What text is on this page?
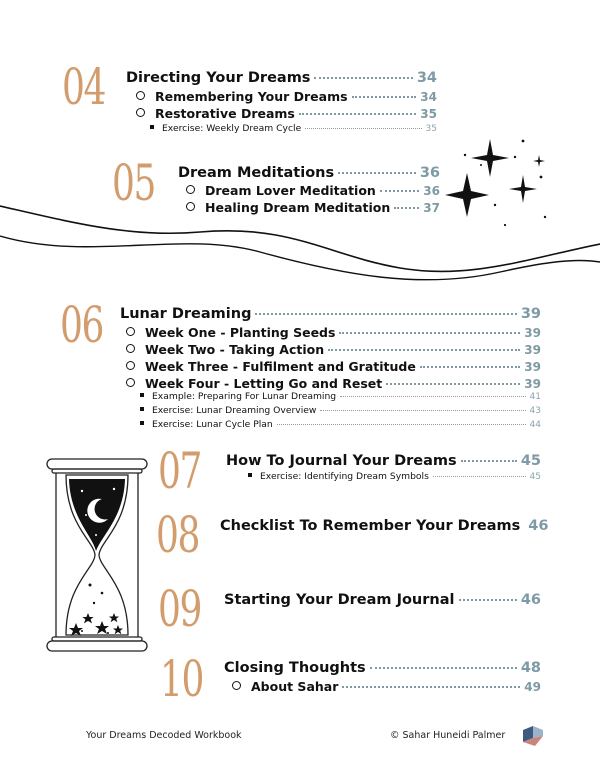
04 Directing Your Dreams	34
Remembering Your Dreams	34
Restorative Dreams	35
Exercise: Weekly Dream Cycle	35
05 Dream Meditations	36
Dream Lover Meditation	36
Healing Dream Meditation	37
06 Lunar Dreaming	39
Week One - Planting Seeds	39
Week Two - Taking Action	39
Week Three - Fulfilment and Gratitude	39
Week Four - Letting Go and Reset	39
Example: Preparing For Lunar Dreaming	41
Exercise: Lunar Dreaming Overview	43
Exercise: Lunar Cycle Plan	44
07 How To Journal Your Dreams	45
Exercise: Identifying Dream Symbols	45
08 Checklist To Remember Your Dreams 46
09 Starting Your Dream Journal	46
10 Closing Thoughts	48
About Sahar	49
Your Dreams Decoded Workbook	© Sahar Huneidi Palmer
